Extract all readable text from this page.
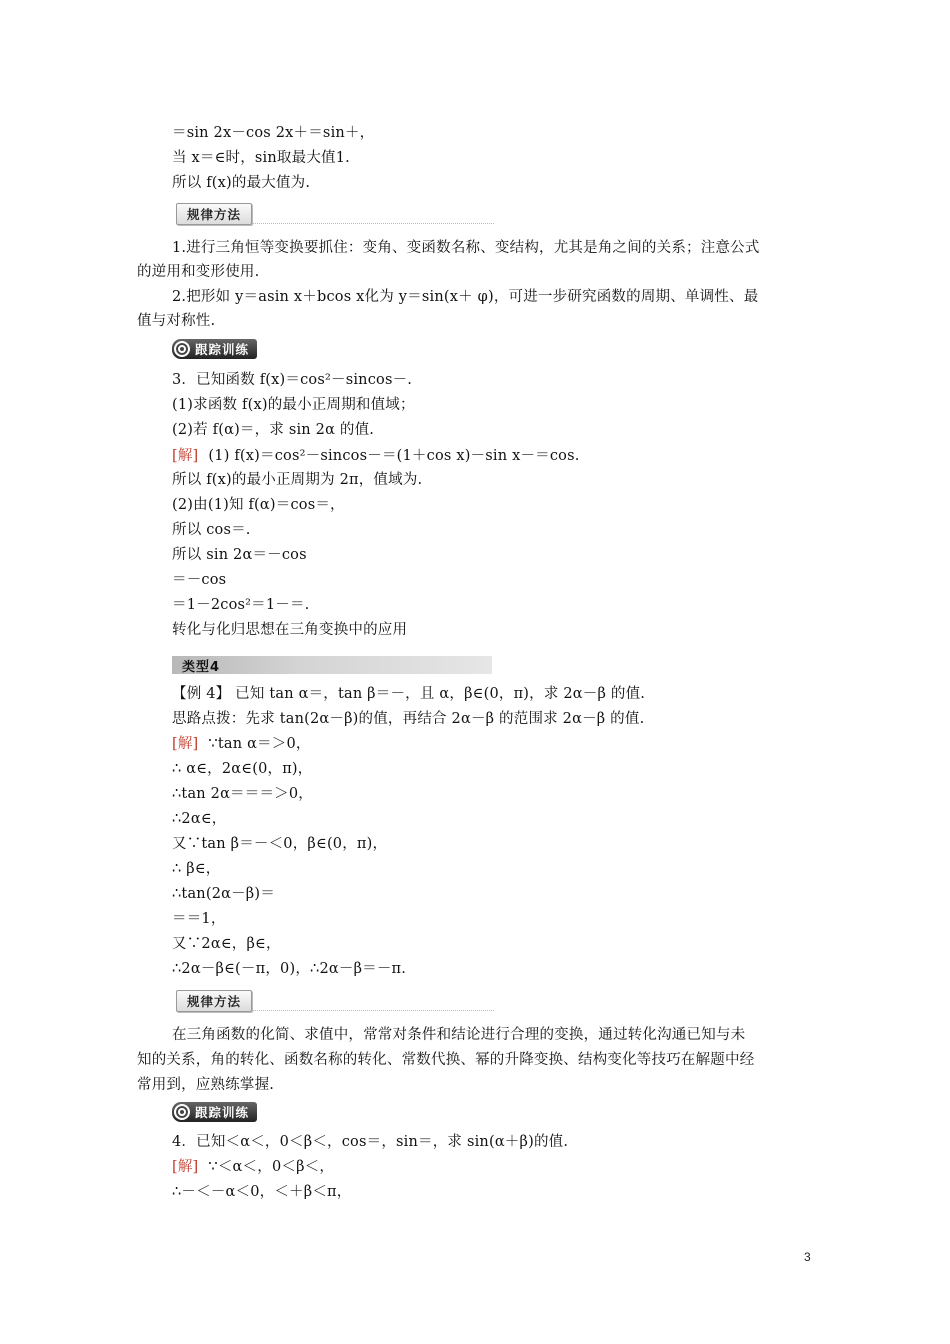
＝sin 2x－cos 2x＋＝sin＋，
当 x＝∈时，sin取最大值1.
所以 f(x)的最大值为.
规律方法
1.进行三角恒等变换要抓住：变角、变函数名称、变结构，尤其是角之间的关系；注意公式
的逆用和变形使用.
2.把形如 y＝asin x＋bcos x化为 y＝sin(x＋ φ)，可进一步研究函数的周期、单调性、最
值与对称性.
跟踪训练
3．已知函数 f(x)＝cos²－sincos－.
(1)求函数 f(x)的最小正周期和值域；
(2)若 f(α)＝，求 sin 2α 的值.
[解] (1) f(x)＝cos²－sincos－＝(1＋cos x)－sin x－＝cos.
所以 f(x)的最小正周期为 2π，值域为.
(2)由(1)知 f(α)＝cos＝，
所以 cos＝.
所以 sin 2α＝－cos
＝－cos
＝1－2cos²＝1－＝.
转化与化归思想在三角变换中的应用
类型4
【例 4】 已知 tan α＝，tan β＝－，且 α，β∈(0，π)，求 2α－β 的值.
思路点拨：先求 tan(2α－β)的值，再结合 2α－β 的范围求 2α－β 的值.
[解] ∵tan α＝＞0，
∴ α∈，2α∈(0，π)，
∴tan 2α＝＝＝＞0，
∴2α∈，
又∵tan β＝－＜0，β∈(0，π)，
∴ β∈，
∴tan(2α－β)＝
＝＝1，
又∵2α∈，β∈，
∴2α－β∈(－π，0)，∴2α－β＝－π.
规律方法
在三角函数的化简、求值中，常常对条件和结论进行合理的变换，通过转化沟通已知与未
知的关系，角的转化、函数名称的转化、常数代换、幂的升降变换、结构变化等技巧在解题中经
常用到，应熟练掌握.
跟踪训练
4．已知＜α＜，0＜β＜，cos＝，sin＝，求 sin(α＋β)的值.
[解] ∵＜α＜，0＜β＜，
∴－＜－α＜0，＜＋β＜π，
3
